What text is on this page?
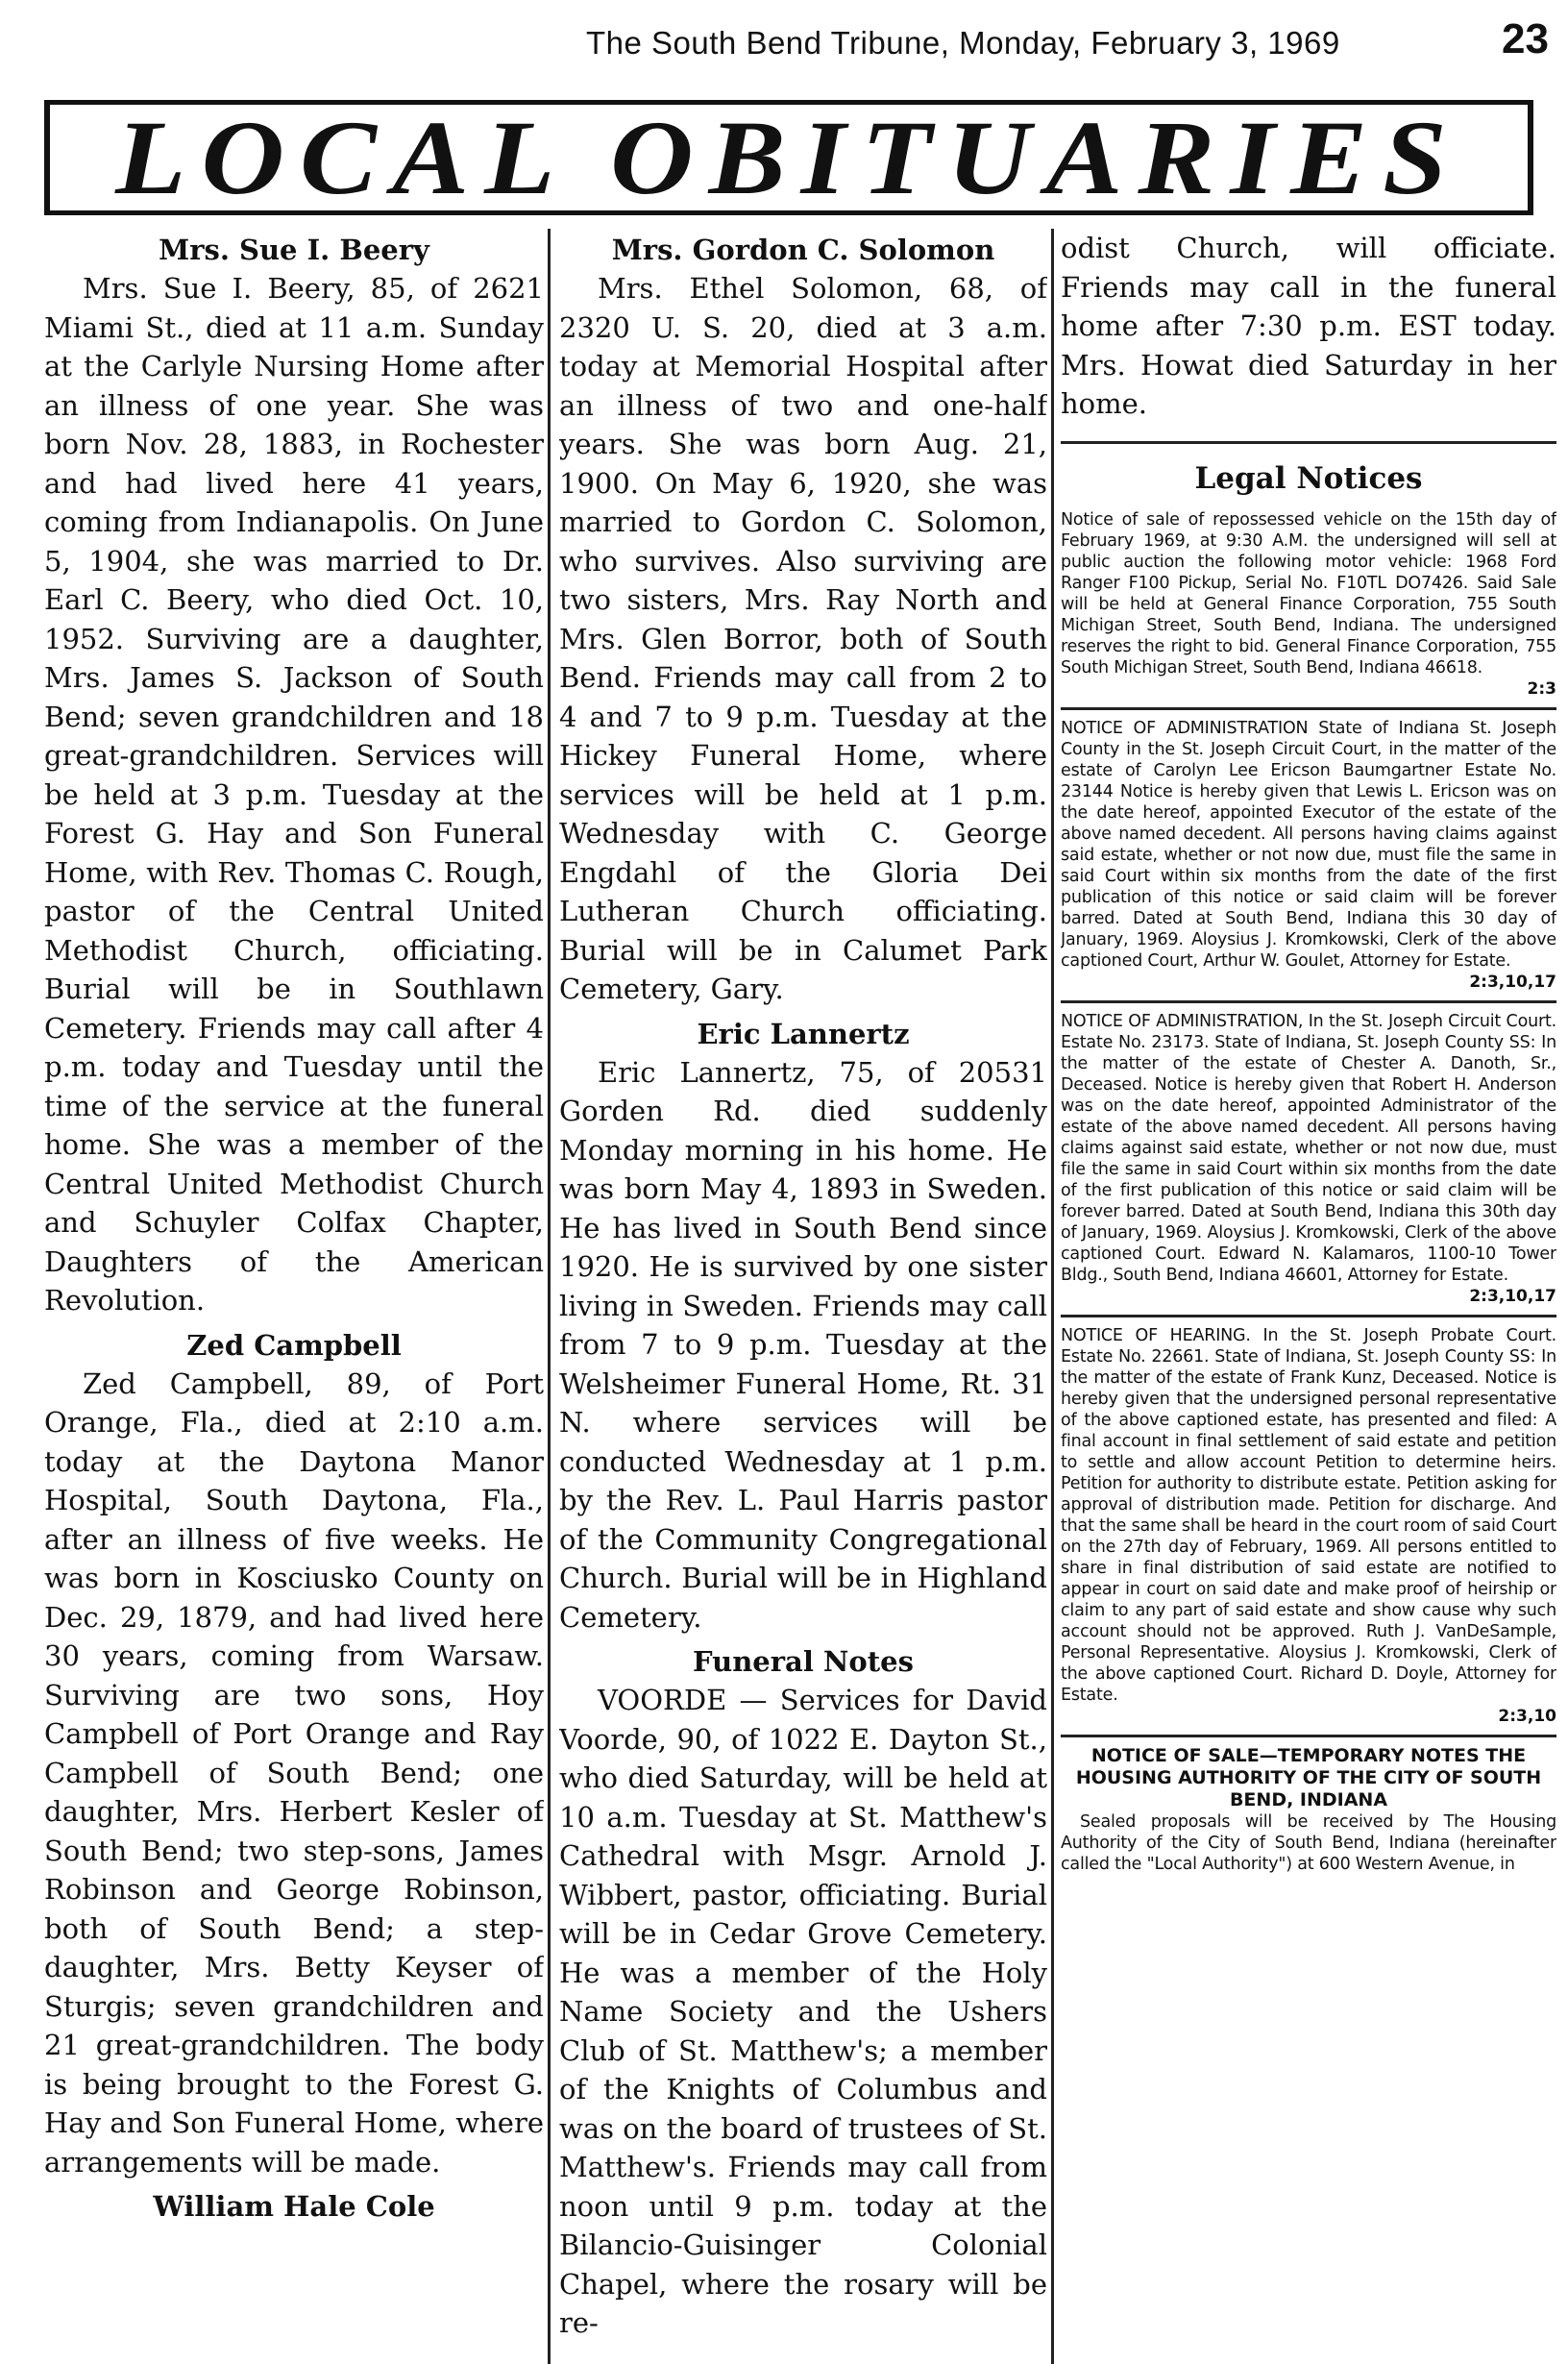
The South Bend Tribune, Monday, February 3, 1969	23
LOCAL OBITUARIES
Mrs. Sue I. Beery

Mrs. Sue I. Beery, 85, of 2621 Miami St., died at 11 a.m. Sunday at the Carlyle Nursing Home after an illness of one year. She was born Nov. 28, 1883, in Rochester and had lived here 41 years, coming from Indianapolis. On June 5, 1904, she was married to Dr. Earl C. Beery, who died Oct. 10, 1952. Surviving are a daughter, Mrs. James S. Jackson of South Bend; seven grandchildren and 18 great-grandchildren. Services will be held at 3 p.m. Tuesday at the Forest G. Hay and Son Funeral Home, with Rev. Thomas C. Rough, pastor of the Central United Methodist Church, officiating. Burial will be in Southlawn Cemetery. Friends may call after 4 p.m. today and Tuesday until the time of the service at the funeral home. She was a member of the Central United Methodist Church and Schuyler Colfax Chapter, Daughters of the American Revolution.

Zed Campbell

Zed Campbell, 89, of Port Orange, Fla., died at 2:10 a.m. today at the Daytona Manor Hospital, South Daytona, Fla., after an illness of five weeks. He was born in Kosciusko County on Dec. 29, 1879, and had lived here 30 years, coming from Warsaw. Surviving are two sons, Hoy Campbell of Port Orange and Ray Campbell of South Bend; one daughter, Mrs. Herbert Kesler of South Bend; two step-sons, James Robinson and George Robinson, both of South Bend; a step-daughter, Mrs. Betty Keyser of Sturgis; seven grandchildren and 21 great-grandchildren. The body is being brought to the Forest G. Hay and Son Funeral Home, where arrangements will be made.

William Hale Cole
Mrs. Gordon C. Solomon

Mrs. Ethel Solomon, 68, of 2320 U. S. 20, died at 3 a.m. today at Memorial Hospital after an illness of two and one-half years. She was born Aug. 21, 1900. On May 6, 1920, she was married to Gordon C. Solomon, who survives. Also surviving are two sisters, Mrs. Ray North and Mrs. Glen Borror, both of South Bend. Friends may call from 2 to 4 and 7 to 9 p.m. Tuesday at the Hickey Funeral Home, where services will be held at 1 p.m. Wednesday with C. George Engdahl of the Gloria Dei Lutheran Church officiating. Burial will be in Calumet Park Cemetery, Gary.

Eric Lannertz

Eric Lannertz, 75, of 20531 Gorden Rd. died suddenly Monday morning in his home. He was born May 4, 1893 in Sweden. He has lived in South Bend since 1920. He is survived by one sister living in Sweden. Friends may call from 7 to 9 p.m. Tuesday at the Welsheimer Funeral Home, Rt. 31 N. where services will be conducted Wednesday at 1 p.m. by the Rev. L. Paul Harris pastor of the Community Congregational Church. Burial will be in Highland Cemetery.

Funeral Notes

VOORDE — Services for David Voorde, 90, of 1022 E. Dayton St., who died Saturday, will be held at 10 a.m. Tuesday at St. Matthew's Cathedral with Msgr. Arnold J. Wibbert, pastor, officiating. Burial will be in Cedar Grove Cemetery. He was a member of the Holy Name Society and the Ushers Club of St. Matthew's; a member of the Knights of Columbus and was on the board of trustees of St. Matthew's. Friends may call from noon until 9 p.m. today at the Bilancio-Guisinger Colonial Chapel, where the rosary will be re-

odist Church, will officiate. Friends may call in the funeral home after 7:30 p.m. EST today. Mrs. Howat died Saturday in her home.

Legal Notices

Notice of sale of repossessed vehicle on the 15th day of February 1969, at 9:30 A.M. the undersigned will sell at public auction the following motor vehicle: 1968 Ford Ranger F100 Pickup, Serial No. F10TL DO7426. Said Sale will be held at General Finance Corporation, 755 South Michigan Street, South Bend, Indiana. The undersigned reserves the right to bid. General Finance Corporation, 755 South Michigan Street, South Bend, Indiana 46618.

2:3

NOTICE OF ADMINISTRATION State of Indiana St. Joseph County in the St. Joseph Circuit Court, in the matter of the estate of Carolyn Lee Ericson Baumgartner Estate No. 23144 Notice is hereby given that Lewis L. Ericson was on the date hereof, appointed Executor of the estate of the above named decedent. All persons having claims against said estate, whether or not now due, must file the same in said Court within six months from the date of the first publication of this notice or said claim will be forever barred. Dated at South Bend, Indiana this 30 day of January, 1969. Aloysius J. Kromkowski, Clerk of the above captioned Court, Arthur W. Goulet, Attorney for Estate.

2:3,10,17

NOTICE OF ADMINISTRATION, In the St. Joseph Circuit Court. Estate No. 23173. State of Indiana, St. Joseph County SS: In the matter of the estate of Chester A. Danoth, Sr., Deceased. Notice is hereby given that Robert H. Anderson was on the date hereof, appointed Administrator of the estate of the above named decedent. All persons having claims against said estate, whether or not now due, must file the same in said Court within six months from the date of the first publication of this notice or said claim will be forever barred. Dated at South Bend, Indiana this 30th day of January, 1969. Aloysius J. Kromkowski, Clerk of the above captioned Court. Edward N. Kalamaros, 1100-10 Tower Bldg., South Bend, Indiana 46601, Attorney for Estate.

2:3,10,17

NOTICE OF HEARING. In the St. Joseph Probate Court. Estate No. 22661. State of Indiana, St. Joseph County SS: In the matter of the estate of Frank Kunz, Deceased. Notice is hereby given that the undersigned personal representative of the above captioned estate, has presented and filed: A final account in final settlement of said estate and petition to settle and allow account Petition to determine heirs. Petition for authority to distribute estate. Petition asking for approval of distribution made. Petition for discharge. And that the same shall be heard in the court room of said Court on the 27th day of February, 1969. All persons entitled to share in final distribution of said estate are notified to appear in court on said date and make proof of heirship or claim to any part of said estate and show cause why such account should not be approved. Ruth J. VanDeSample, Personal Representative. Aloysius J. Kromkowski, Clerk of the above captioned Court. Richard D. Doyle, Attorney for Estate.

2:3,10

NOTICE OF SALE—TEMPORARY NOTES THE HOUSING AUTHORITY OF THE CITY OF SOUTH BEND, INDIANA

Sealed proposals will be received by The Housing Authority of the City of South Bend, Indiana (hereinafter called the "Local Authority") at 600 Western Avenue, in
